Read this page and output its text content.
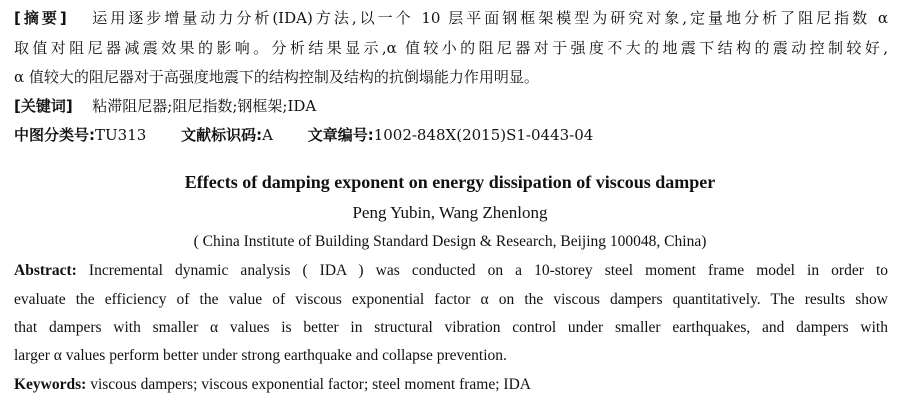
[摘要] 运用逐步增量动力分析(IDA)方法,以一个 10 层平面钢框架模型为研究对象,定量地分析了阻尼指数 α
取值对阻尼器减震效果的影响。分析结果显示,α 值较小的阻尼器对于强度不大的地震下结构的震动控制较好,
α 值较大的阻尼器对于高强度地震下的结构控制及结构的抗倒塌能力作用明显。
[关键词] 粘滞阻尼器;阻尼指数;钢框架;IDA
中图分类号:TU313 文献标识码:A 文章编号:1002-848X(2015)S1-0443-04
Effects of damping exponent on energy dissipation of viscous damper
Peng Yubin, Wang Zhenlong
( China Institute of Building Standard Design & Research, Beijing 100048, China)
Abstract: Incremental dynamic analysis ( IDA ) was conducted on a 10-storey steel moment frame model in order to
evaluate the efficiency of the value of viscous exponential factor α on the viscous dampers quantitatively. The results show
that dampers with smaller α values is better in structural vibration control under smaller earthquakes, and dampers with
larger α values perform better under strong earthquake and collapse prevention.
Keywords: viscous dampers; viscous exponential factor; steel moment frame; IDA
